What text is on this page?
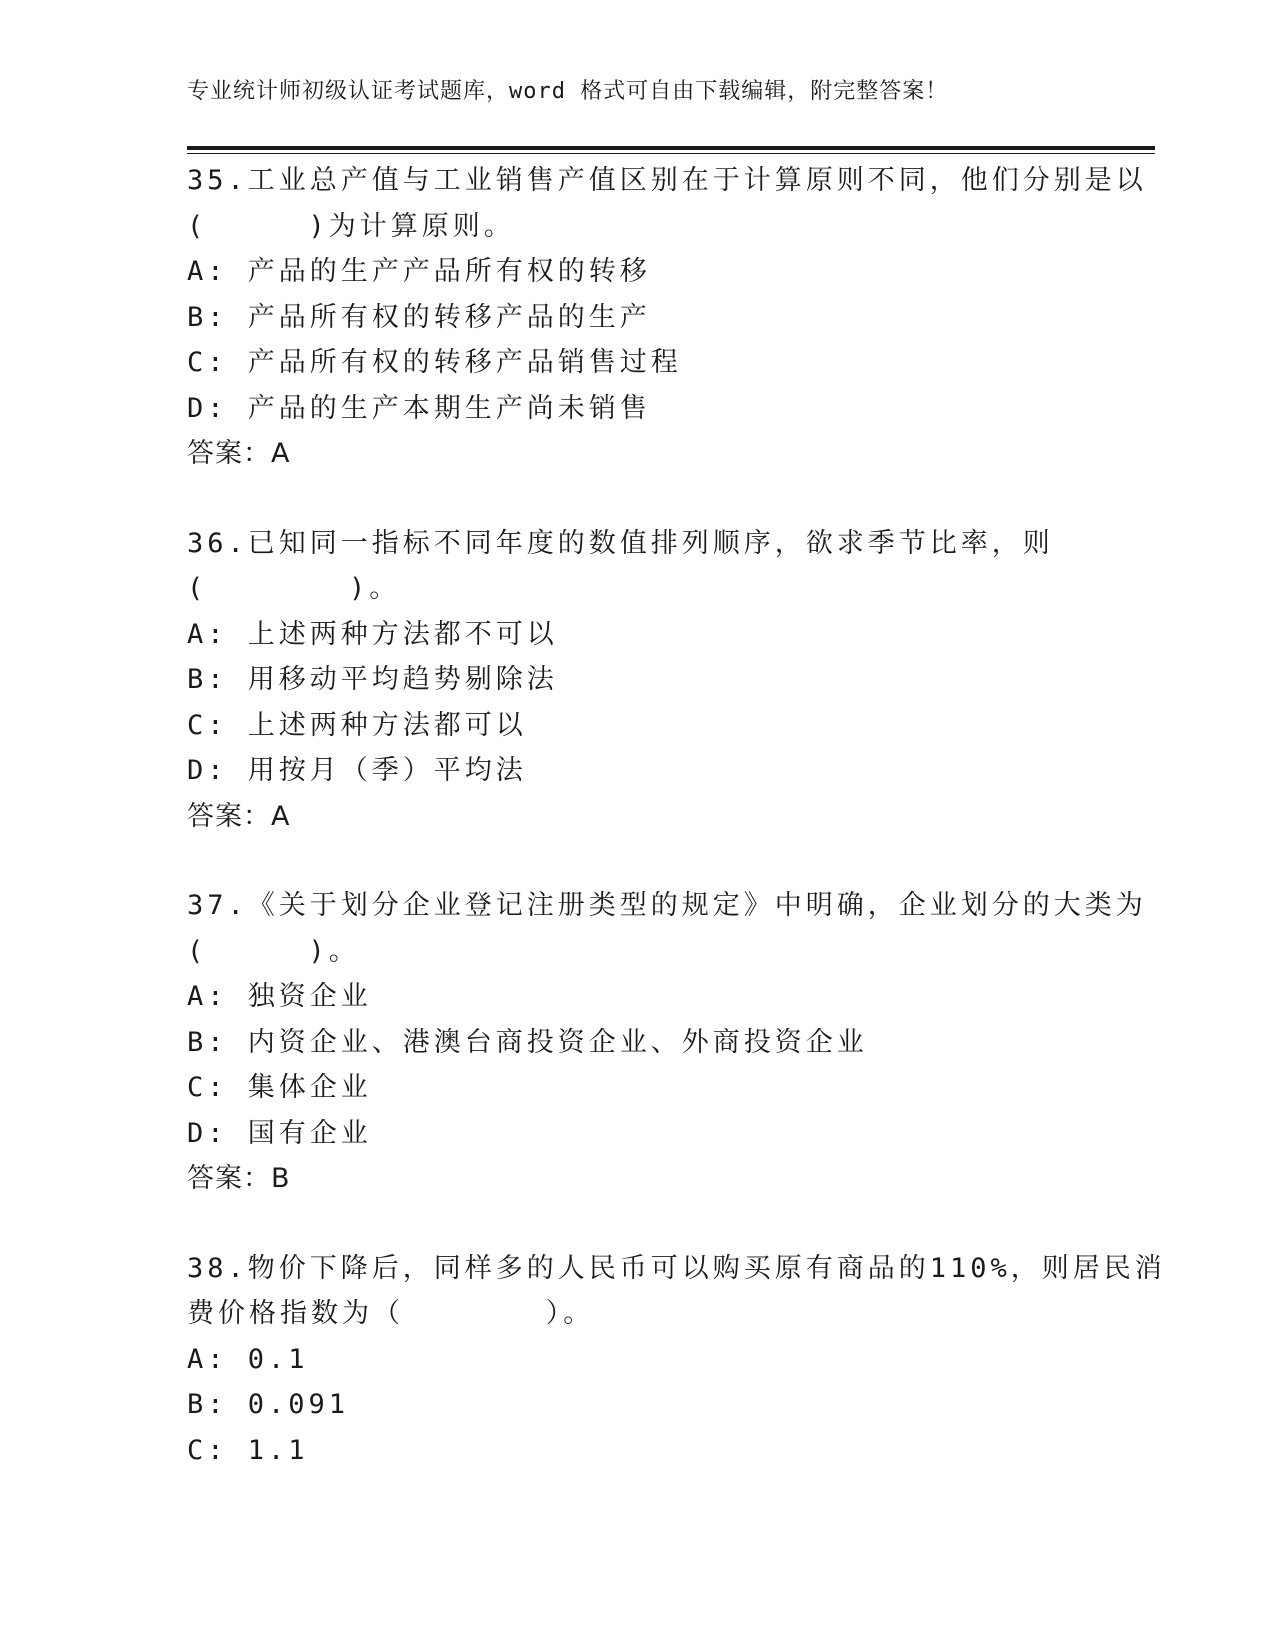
专业统计师初级认证考试题库，word 格式可自由下载编辑，附完整答案！
35.工业总产值与工业销售产值区别在于计算原则不同，他们分别是以
(     )为计算原则。
A: 产品的生产产品所有权的转移
B: 产品所有权的转移产品的生产
C: 产品所有权的转移产品销售过程
D: 产品的生产本期生产尚未销售
答案：A
36.已知同一指标不同年度的数值排列顺序，欲求季节比率，则
(       )。
A: 上述两种方法都不可以
B: 用移动平均趋势剔除法
C: 上述两种方法都可以
D: 用按月（季）平均法
答案：A
37.《关于划分企业登记注册类型的规定》中明确，企业划分的大类为
(     )。
A: 独资企业
B: 内资企业、港澳台商投资企业、外商投资企业
C: 集体企业
D: 国有企业
答案：B
38.物价下降后，同样多的人民币可以购买原有商品的110%，则居民消
费价格指数为（       ）。
A: 0.1
B: 0.091
C: 1.1
